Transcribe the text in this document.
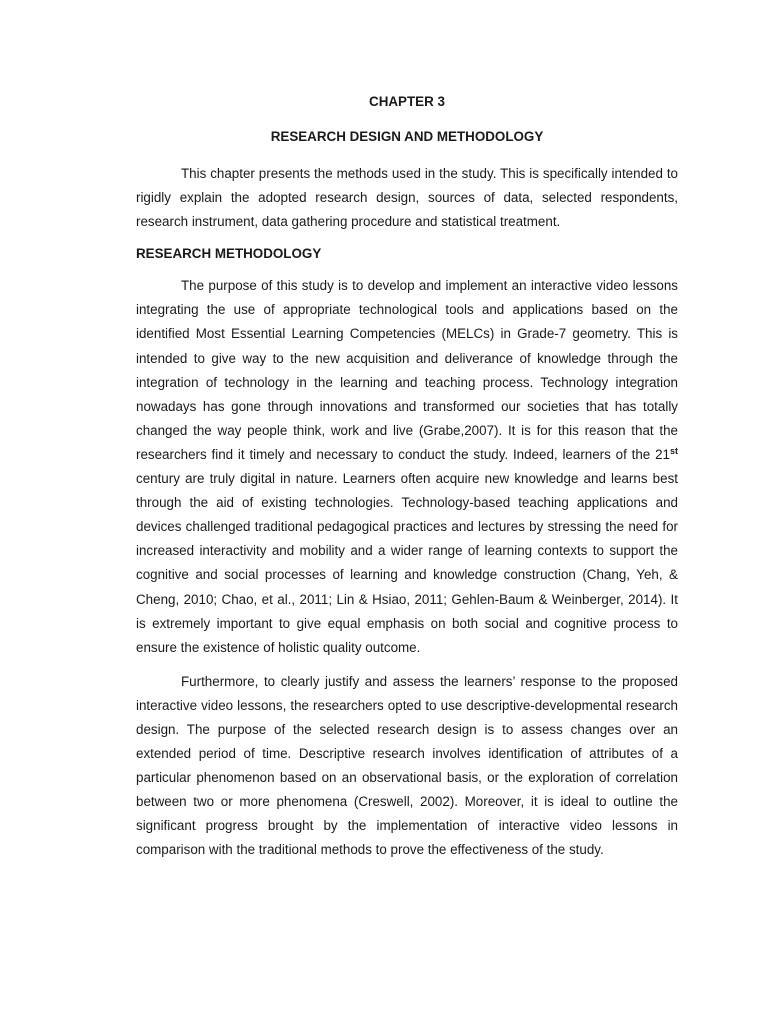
CHAPTER 3

RESEARCH DESIGN AND METHODOLOGY

This chapter presents the methods used in the study. This is specifically intended to rigidly explain the adopted research design, sources of data, selected respondents, research instrument, data gathering procedure and statistical treatment.

RESEARCH METHODOLOGY

The purpose of this study is to develop and implement an interactive video lessons integrating the use of appropriate technological tools and applications based on the identified Most Essential Learning Competencies (MELCs) in Grade-7 geometry. This is intended to give way to the new acquisition and deliverance of knowledge through the integration of technology in the learning and teaching process. Technology integration nowadays has gone through innovations and transformed our societies that has totally changed the way people think, work and live (Grabe,2007). It is for this reason that the researchers find it timely and necessary to conduct the study. Indeed, learners of the 21st century are truly digital in nature. Learners often acquire new knowledge and learns best through the aid of existing technologies. Technology-based teaching applications and devices challenged traditional pedagogical practices and lectures by stressing the need for increased interactivity and mobility and a wider range of learning contexts to support the cognitive and social processes of learning and knowledge construction (Chang, Yeh, & Cheng, 2010; Chao, et al., 2011; Lin & Hsiao, 2011; Gehlen-Baum & Weinberger, 2014). It is extremely important to give equal emphasis on both social and cognitive process to ensure the existence of holistic quality outcome.

Furthermore, to clearly justify and assess the learners’ response to the proposed interactive video lessons, the researchers opted to use descriptive-developmental research design. The purpose of the selected research design is to assess changes over an extended period of time. Descriptive research involves identification of attributes of a particular phenomenon based on an observational basis, or the exploration of correlation between two or more phenomena (Creswell, 2002). Moreover, it is ideal to outline the significant progress brought by the implementation of interactive video lessons in comparison with the traditional methods to prove the effectiveness of the study.
